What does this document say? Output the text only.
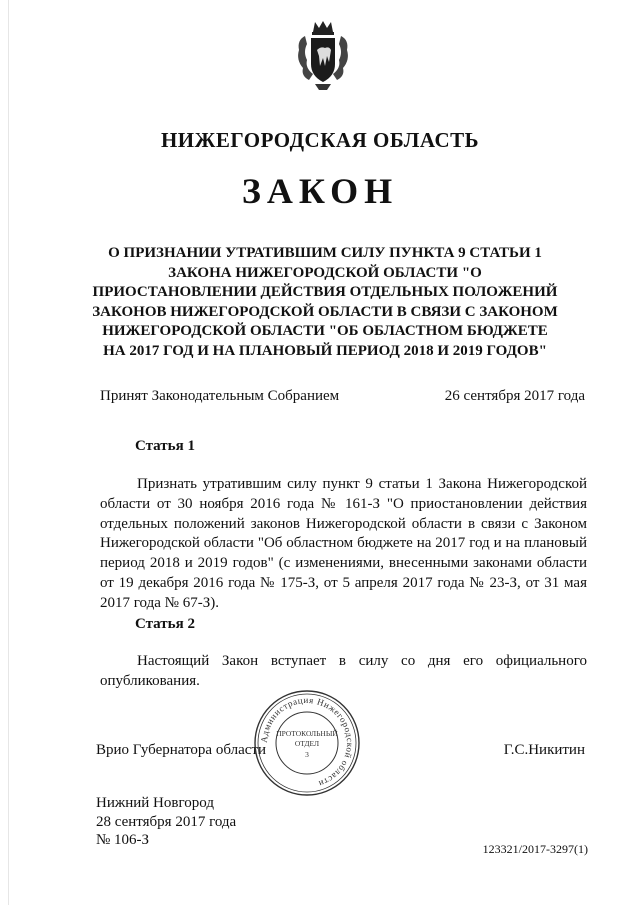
НИЖЕГОРОДСКАЯ ОБЛАСТЬ
ЗАКОН
О ПРИЗНАНИИ УТРАТИВШИМ СИЛУ ПУНКТА 9 СТАТЬИ 1 ЗАКОНА НИЖЕГОРОДСКОЙ ОБЛАСТИ "О ПРИОСТАНОВЛЕНИИ ДЕЙСТВИЯ ОТДЕЛЬНЫХ ПОЛОЖЕНИЙ ЗАКОНОВ НИЖЕГОРОДСКОЙ ОБЛАСТИ В СВЯЗИ С ЗАКОНОМ НИЖЕГОРОДСКОЙ ОБЛАСТИ "ОБ ОБЛАСТНОМ БЮДЖЕТЕ НА 2017 ГОД И НА ПЛАНОВЫЙ ПЕРИОД 2018 И 2019 ГОДОВ"
Принят Законодательным Собранием	26 сентября 2017 года
Статья 1
Признать утратившим силу пункт 9 статьи 1 Закона Нижегородской области от 30 ноября 2016 года № 161-З "О приостановлении действия отдельных положений законов Нижегородской области в связи с Законом Нижегородской области "Об областном бюджете на 2017 год и на плановый период 2018 и 2019 годов" (с изменениями, внесенными законами области от 19 декабря 2016 года № 175-З, от 5 апреля 2017 года № 23-З, от 31 мая 2017 года № 67-З).
Статья 2
Настоящий Закон вступает в силу со дня его официального опубликования.
Врио Губернатора области	Г.С.Никитин
Администрация Нижегородской области
ПРОТОКОЛЬНЫЙ
ОТДЕЛ
3
Нижний Новгород
28 сентября 2017 года
№ 106-З
123321/2017-3297(1)
